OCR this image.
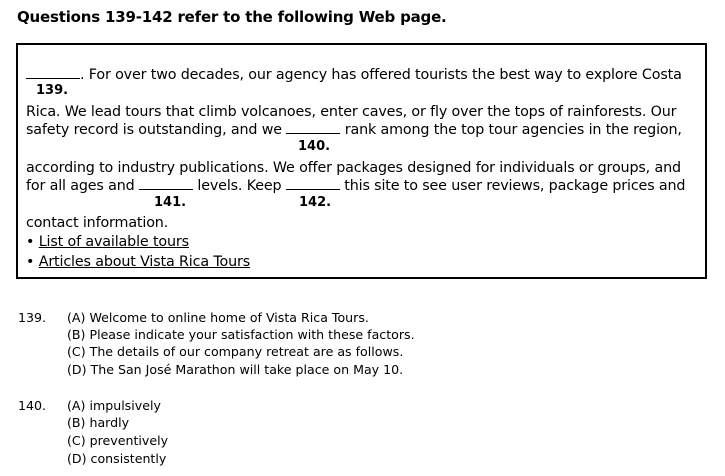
Questions 139-142 refer to the following Web page.
. For over two decades, our agency has offered tourists the best way to explore Costa
139.
Rica. We lead tours that climb volcanoes, enter caves, or fly over the tops of rainforests. Our
safety record is outstanding, and we	rank among the top tour agencies in the region,
140.
according to industry publications. We offer packages designed for individuals or groups, and
for all ages and	levels. Keep	this site to see user reviews, package prices and
141.	142.
contact information.
• List of available tours
• Articles about Vista Rica Tours
139. (A) Welcome to online home of Vista Rica Tours.
(B) Please indicate your satisfaction with these factors.
(C) The details of our company retreat are as follows.
(D) The San José Marathon will take place on May 10.
140. (A) impulsively
(B) hardly
(C) preventively
(D) consistently
